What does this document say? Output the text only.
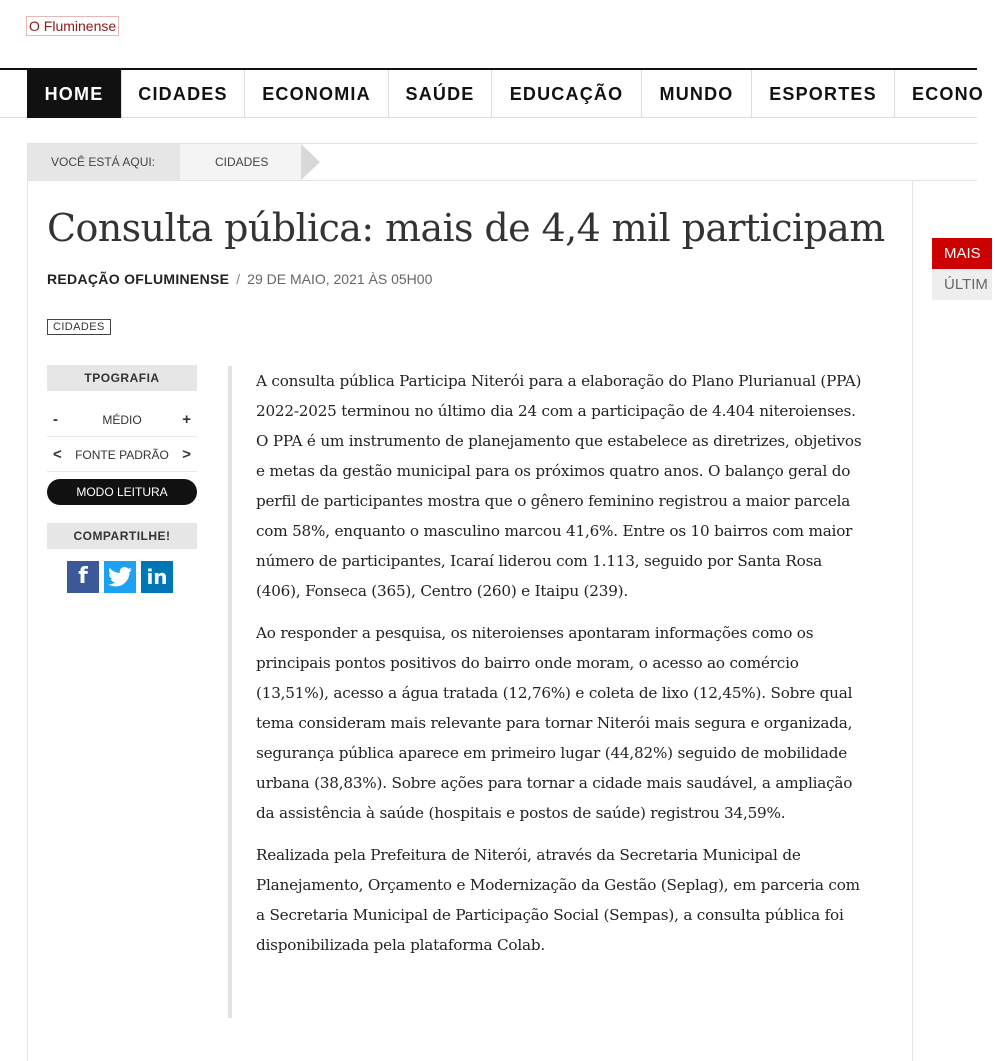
O Fluminense
HOME	CIDADES	ECONOMIA	SAÚDE	EDUCAÇÃO	MUNDO	ESPORTES	ECONO
VOCÊ ESTÁ AQUI:	CIDADES
Consulta pública: mais de 4,4 mil participam
REDAÇÃO OFLUMINENSE / 29 DE MAIO, 2021 ÀS 05H00
CIDADES
TPOGRAFIA
-	MÉDIO	+
<	FONTE PADRÃO >
MODO LEITURA
COMPARTILHE!
f	in

A consulta pública Participa Niterói para a elaboração do Plano Plurianual (PPA) 2022-2025 terminou no último dia 24 com a participação de 4.404 niteroienses. O PPA é um instrumento de planejamento que estabelece as diretrizes, objetivos e metas da gestão municipal para os próximos quatro anos. O balanço geral do perfil de participantes mostra que o gênero feminino registrou a maior parcela com 58%, enquanto o masculino marcou 41,6%. Entre os 10 bairros com maior número de participantes, Icaraí liderou com 1.113, seguido por Santa Rosa (406), Fonseca (365), Centro (260) e Itaipu (239).

Ao responder a pesquisa, os niteroienses apontaram informações como os principais pontos positivos do bairro onde moram, o acesso ao comércio (13,51%), acesso a água tratada (12,76%) e coleta de lixo (12,45%). Sobre qual tema consideram mais relevante para tornar Niterói mais segura e organizada, segurança pública aparece em primeiro lugar (44,82%) seguido de mobilidade urbana (38,83%). Sobre ações para tornar a cidade mais saudável, a ampliação da assistência à saúde (hospitais e postos de saúde) registrou 34,59%.

Realizada pela Prefeitura de Niterói, através da Secretaria Municipal de Planejamento, Orçamento e Modernização da Gestão (Seplag), em parceria com a Secretaria Municipal de Participação Social (Sempas), a consulta pública foi disponibilizada pela plataforma Colab.

MAIS
ÚLTIM
